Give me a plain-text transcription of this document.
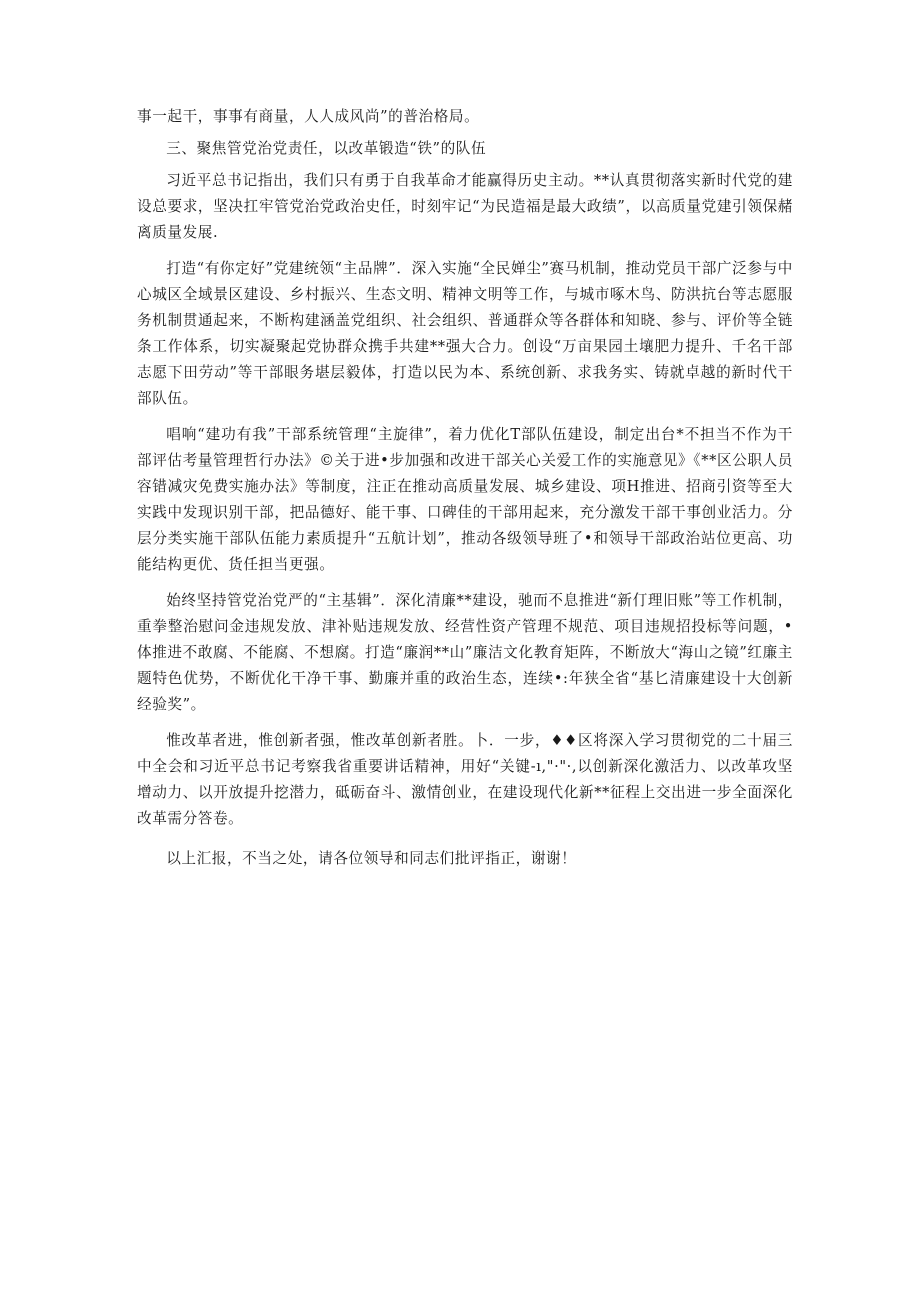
事一起干，事事有商量，人人成风尚”的普治格局。

三、聚焦管党治党责任，以改革锻造“铁”的队伍

习近平总书记指出，我们只有勇于自我革命才能赢得历史主动。**认真贯彻落实新时代党的建设总要求，坚决扛牢管党治党政治史任，时刻牢记“为民造福是最大政绩”，以高质量党建引领保赭离质量发展.

打造“有你定好”党建统领“主品牌”．深入实施“全民婵尘”赛马机制，推动党员干部广泛参与中心城区全域景区建设、乡村振兴、生态文明、精神文明等工作，与城市啄木鸟、防洪抗台等志愿服务机制贯通起来，不断构建涵盖党组织、社会组织、普通群众等各群体和知晓、参与、评价等全链条工作体系，切实凝聚起党协群众携手共建**强大合力。创设“万亩果园土壤肥力提升、千名干部志愿下田劳动”等干部眼务堪层毅体，打造以民为本、系统创新、求我务实、铸就卓越的新时代干部队伍。

唱响“建功有我”干部系统管理“主旋律”，着力优化T部队伍建设，制定出台*不担当不作为干部评估考量管理哲行办法》©关于进•步加强和改进干部关心关爱工作的实施意见》《**区公职人员容错减灾免费实施办法》等制度，注正在推动高质量发展、城乡建设、项H推进、招商引资等至大实践中发现识别干部，把品德好、能干事、口碑佳的干部用起来，充分激发干部干事创业活力。分层分类实施干部队伍能力素质提升“五航计划”，推动各级领导班了•和领导干部政治站位更高、功能结构更优、货任担当更强。

始终坚持管党治党严的“主基辑”．深化清廉**建设，驰而不息推进“新仃理旧账”等工作机制，重拳整治慰问金违规发放、津补贴违规发放、经营性资产管理不规范、项目违规招投标等问题，•体推进不敢腐、不能腐、不想腐。打造“廉润**山”廉洁文化教育矩阵，不断放大“海山之镜”红廉主题特色优势，不断优化干净干事、勤廉并重的政治生态，连续•:年狭全省“基匕清廉建设十大创新经验奖”。

惟改革者进，惟创新者强，惟改革创新者胜。卜．一步，♦♦区将深入学习贯彻党的二十届三中全会和习近平总书记考察我省重要讲话精神，用好“关键-ı,"·"·,以创新深化激活力、以改革攻坚增动力、以开放提升挖潜力，砥砺奋斗、激情创业，在建设现代化新**征程上交出进一步全面深化改革需分答卷。

以上汇报，不当之处，请各位领导和同志们批评指正，谢谢！
